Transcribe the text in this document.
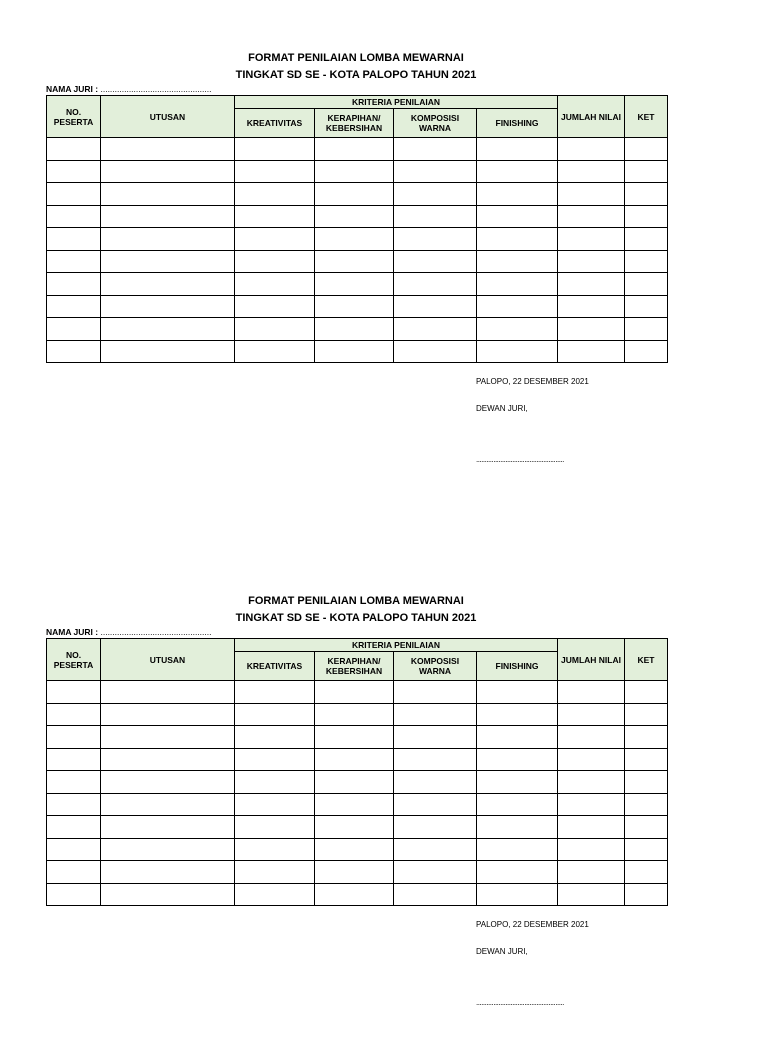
FORMAT PENILAIAN LOMBA MEWARNAI
TINGKAT SD SE - KOTA PALOPO TAHUN 2021
NAMA JURI : ...............................................
NO. PESERTA	UTUSAN	KRITERIA PENILAIAN				JUMLAH NILAI	KET
		KREATIVITAS	KERAPIHAN/ KEBERSIHAN	KOMPOSISI WARNA	FINISHING		

PALOPO, 22 DESEMBER 2021
DEWAN JURI,
...................................................
FORMAT PENILAIAN LOMBA MEWARNAI
TINGKAT SD SE - KOTA PALOPO TAHUN 2021
NAMA JURI : ...............................................
NO. PESERTA	UTUSAN	KRITERIA PENILAIAN				JUMLAH NILAI	KET
		KREATIVITAS	KERAPIHAN/ KEBERSIHAN	KOMPOSISI WARNA	FINISHING		

PALOPO, 22 DESEMBER 2021
DEWAN JURI,
...................................................
